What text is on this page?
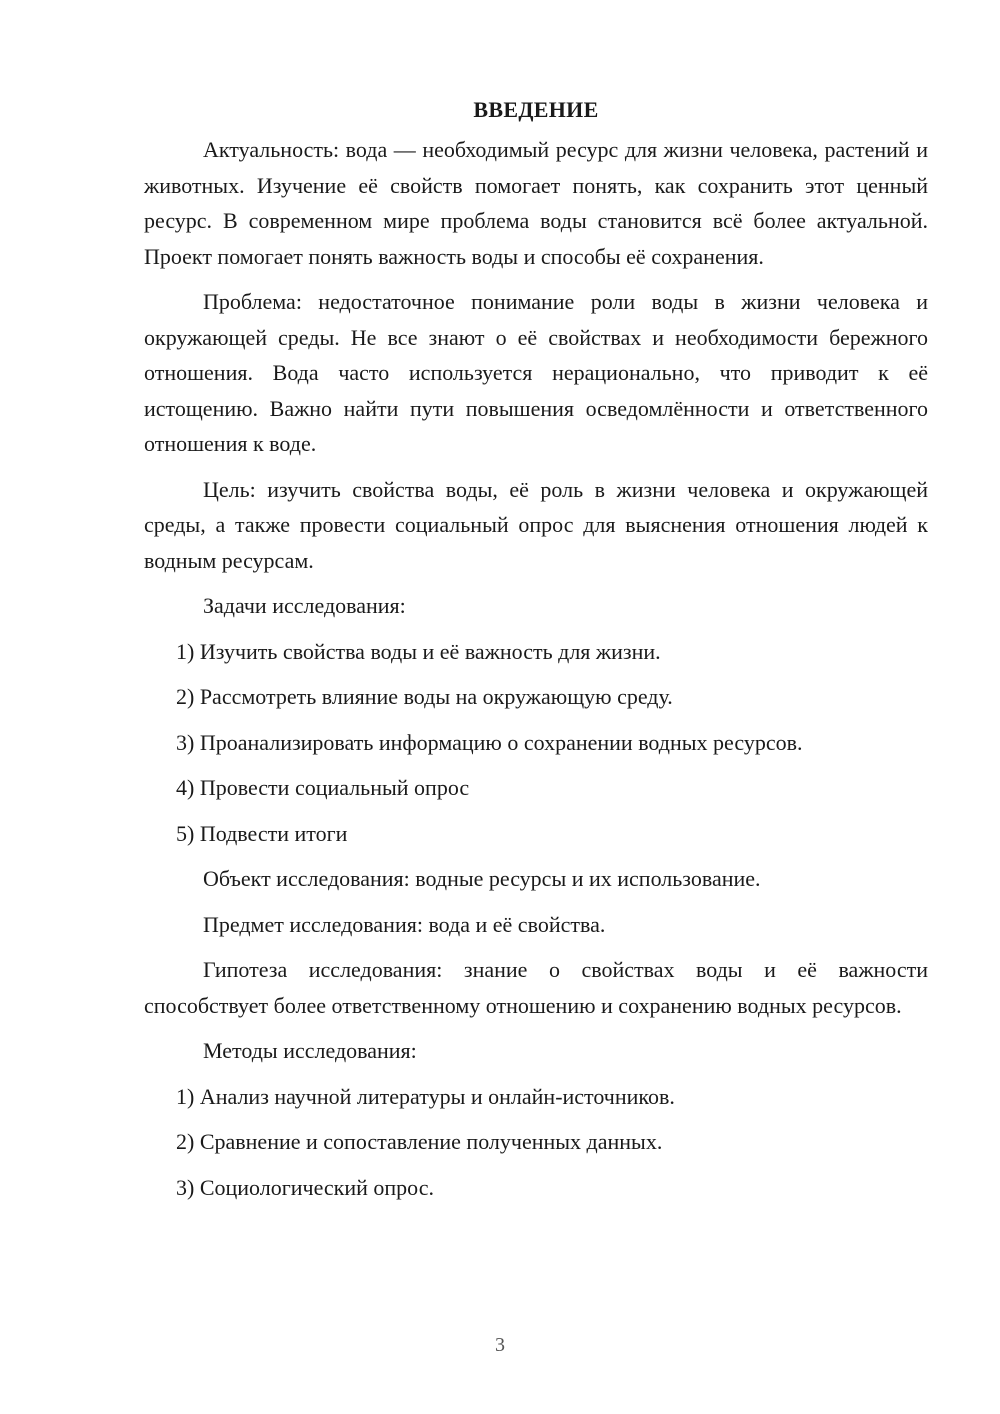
ВВЕДЕНИЕ

Актуальность: вода — необходимый ресурс для жизни человека, растений и животных. Изучение её свойств помогает понять, как сохранить этот ценный ресурс. В современном мире проблема воды становится всё более актуальной. Проект помогает понять важность воды и способы её сохранения.

Проблема: недостаточное понимание роли воды в жизни человека и окружающей среды. Не все знают о её свойствах и необходимости бережного отношения. Вода часто используется нерационально, что приводит к её истощению. Важно найти пути повышения осведомлённости и ответственного отношения к воде.

Цель: изучить свойства воды, её роль в жизни человека и окружающей среды, а также провести социальный опрос для выяснения отношения людей к водным ресурсам.

Задачи исследования:

1) Изучить свойства воды и её важность для жизни.

2) Рассмотреть влияние воды на окружающую среду.

3) Проанализировать информацию о сохранении водных ресурсов.

4) Провести социальный опрос

5) Подвести итоги

Объект исследования: водные ресурсы и их использование.

Предмет исследования: вода и её свойства.

Гипотеза исследования: знание о свойствах воды и её важности способствует более ответственному отношению и сохранению водных ресурсов.

Методы исследования:

1) Анализ научной литературы и онлайн-источников.

2) Сравнение и сопоставление полученных данных.

3) Социологический опрос.

3
